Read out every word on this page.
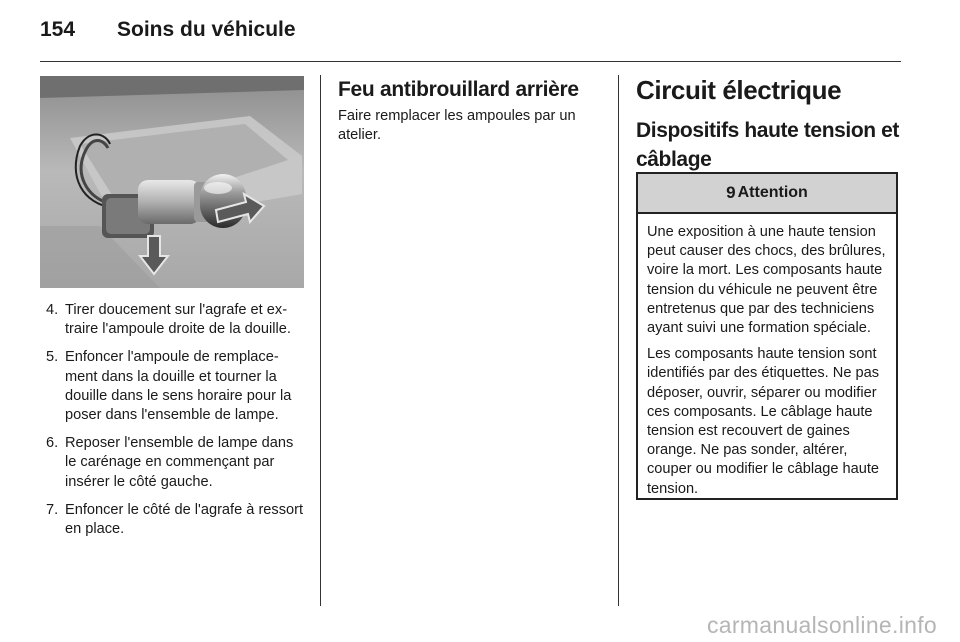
154 Soins du véhicule
4. Tirer doucement sur l'agrafe et extraire l'ampoule droite de la douille.
5. Enfoncer l'ampoule de remplacement dans la douille et tourner la douille dans le sens horaire pour la poser dans l'ensemble de lampe.
6. Reposer l'ensemble de lampe dans le carénage en commençant par insérer le côté gauche.
7. Enfoncer le côté de l'agrafe à ressort en place.
Feu antibrouillard arrière
Faire remplacer les ampoules par un atelier.
Circuit électrique
Dispositifs haute tension et câblage
9 Attention

Une exposition à une haute tension peut causer des chocs, des brûlures, voire la mort. Les composants haute tension du véhicule ne peuvent être entretenus que par des techniciens ayant suivi une formation spéciale.

Les composants haute tension sont identifiés par des étiquettes. Ne pas déposer, ouvrir, séparer ou modifier ces composants. Le câblage haute tension est recouvert de gaines orange. Ne pas sonder, altérer, couper ou modifier le câblage haute tension.

carmanualsonline.info
